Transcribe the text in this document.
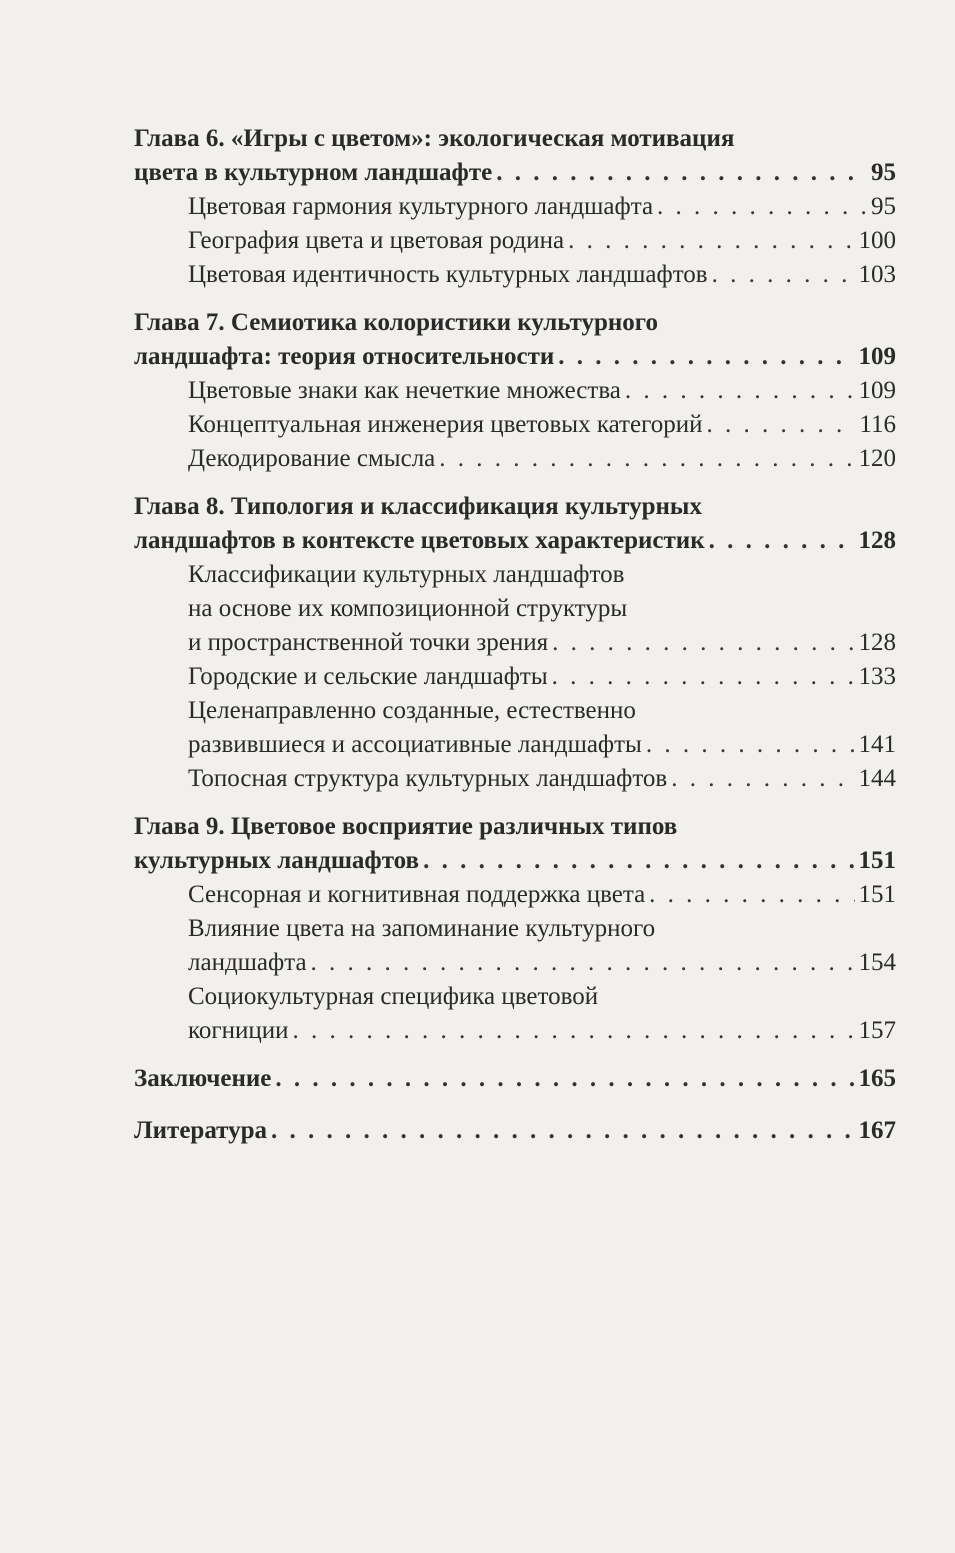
Глава 6. «Игры с цветом»: экологическая мотивация
цвета в культурном ландшафте . . .	95
Цветовая гармония культурного ландшафта . . .	95
География цвета и цветовая родина . . .	100
Цветовая идентичность культурных ландшафтов . . .	103
Глава 7. Семиотика колористики культурного
ландшафта: теория относительности . . .	109
Цветовые знаки как нечеткие множества . . .	109
Концептуальная инженерия цветовых категорий . . .	116
Декодирование смысла . . .	120
Глава 8. Типология и классификация культурных
ландшафтов в контексте цветовых характеристик . . .	128
Классификации культурных ландшафтов
на основе их композиционной структуры
и пространственной точки зрения . . .	128
Городские и сельские ландшафты . . .	133
Целенаправленно созданные, естественно
развившиеся и ассоциативные ландшафты . . .	141
Топосная структура культурных ландшафтов . . .	144
Глава 9. Цветовое восприятие различных типов
культурных ландшафтов . . .	151
Сенсорная и когнитивная поддержка цвета . . .	151
Влияние цвета на запоминание культурного
ландшафта . . .	154
Социокультурная специфика цветовой
когниции . . .	157
Заключение . . .	165
Литература . . .	167
